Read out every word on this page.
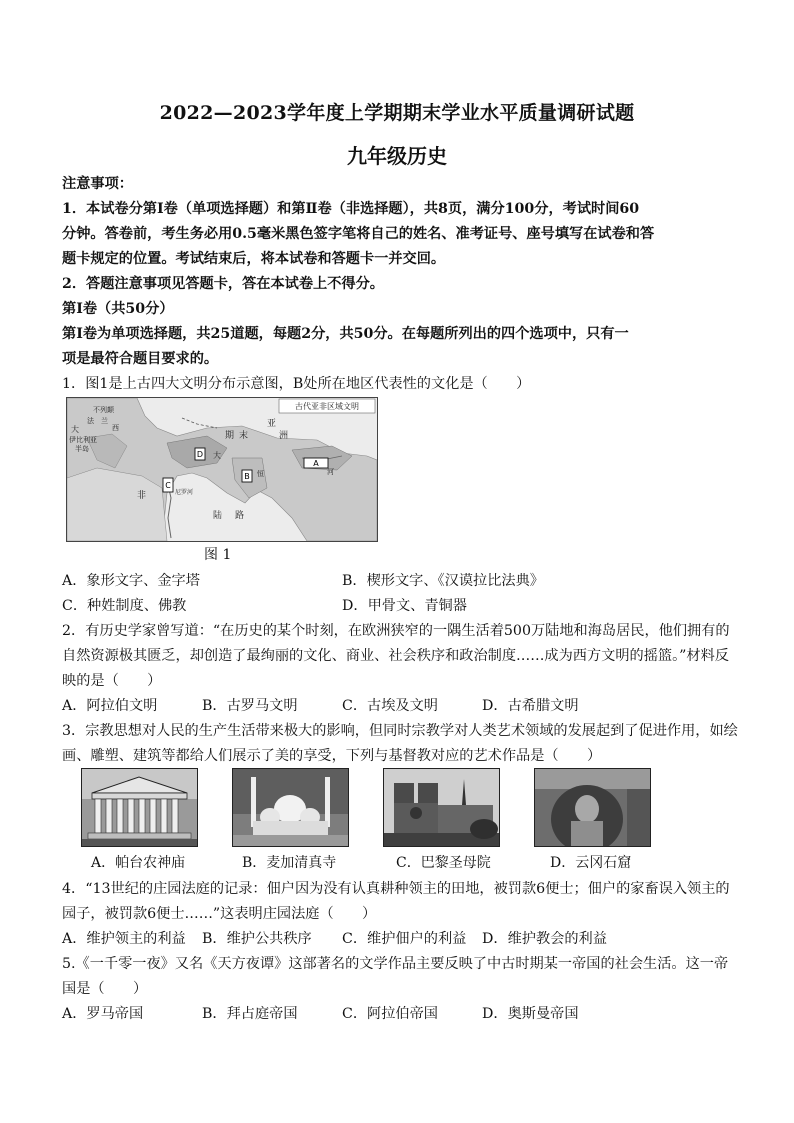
2022—2023学年度上学期期末学业水平质量调研试题
九年级历史
注意事项：
1．本试卷分第Ⅰ卷（单项选择题）和第Ⅱ卷（非选择题），共8页，满分100分，考试时间60
分钟。答卷前，考生务必用0.5毫米黑色签字笔将自己的姓名、准考证号、座号填写在试卷和答
题卡规定的位置。考试结束后，将本试卷和答题卡一并交回。
2．答题注意事项见答题卡，答在本试卷上不得分。
第Ⅰ卷（共50分）
第Ⅰ卷为单项选择题，共25道题，每题2分，共50分。在每题所列出的四个选项中，只有一
项是最符合题目要求的。
1．图1是上古四大文明分布示意图，B处所在地区代表性的文化是（　　）
古代亚非区域文明
不列颠
法　兰
西
伊比利亚
半岛
大
非
亚
洲
河
尼罗河
恒
期 末
大
陆 路
A
B
C
D
图 1
A．象形文字、金字塔	B．楔形文字、《汉谟拉比法典》
C．种姓制度、佛教	D．甲骨文、青铜器
2．有历史学家曾写道：“在历史的某个时刻，在欧洲狭窄的一隅生活着500万陆地和海岛居民，他们拥有的
自然资源极其匮乏，却创造了最绚丽的文化、商业、社会秩序和政治制度……成为西方文明的摇篮。”材料反
映的是（　　）
A．阿拉伯文明	B．古罗马文明	C．古埃及文明	D．古希腊文明
3．宗教思想对人民的生产生活带来极大的影响，但同时宗教学对人类艺术领域的发展起到了促进作用，如绘
画、雕塑、建筑等都给人们展示了美的享受，下列与基督教对应的艺术作品是（　　）
A．帕台农神庙	B．麦加清真寺	C．巴黎圣母院	D．云冈石窟
4．“13世纪的庄园法庭的记录：佃户因为没有认真耕种领主的田地，被罚款6便士；佃户的家畜误入领主的
园子，被罚款6便士……”这表明庄园法庭（　　）
A．维护领主的利益 B．维护公共秩序 C．维护佃户的利益 D．维护教会的利益
5.《一千零一夜》又名《天方夜谭》这部著名的文学作品主要反映了中古时期某一帝国的社会生活。这一帝
国是（　　）
A．罗马帝国	B．拜占庭帝国	C．阿拉伯帝国	D．奥斯曼帝国
